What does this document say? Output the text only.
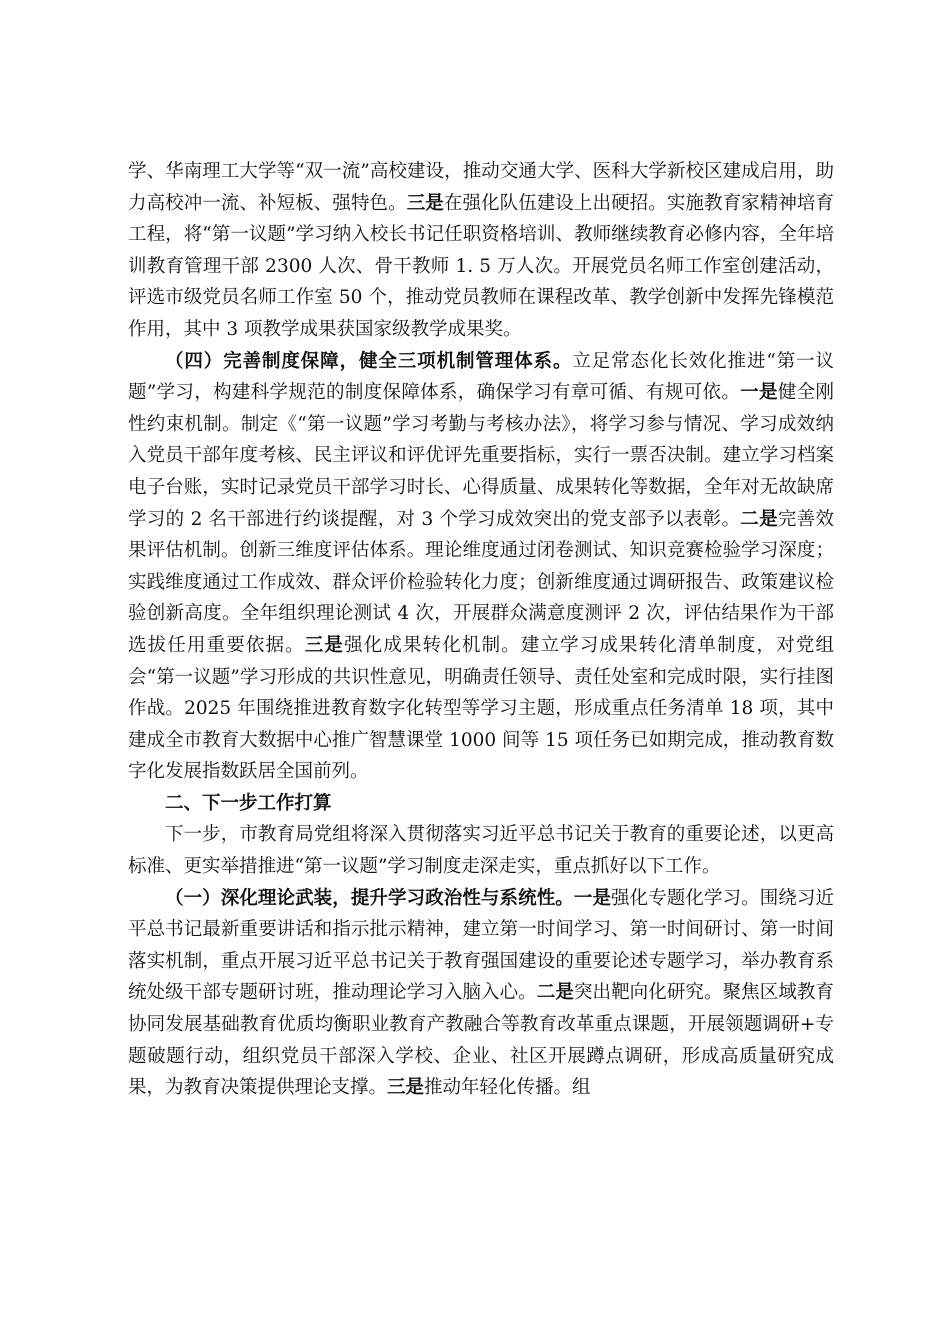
学、华南理工大学等“双一流”高校建设，推动交通大学、医科大学新校区建成启用，助力高校冲一流、补短板、强特色。三是在强化队伍建设上出硬招。实施教育家精神培育工程，将“第一议题”学习纳入校长书记任职资格培训、教师继续教育必修内容，全年培训教育管理干部 2300 人次、骨干教师 1. 5 万人次。开展党员名师工作室创建活动，评选市级党员名师工作室 50 个，推动党员教师在课程改革、教学创新中发挥先锋模范作用，其中 3 项教学成果获国家级教学成果奖。

（四）完善制度保障，健全三项机制管理体系。立足常态化长效化推进“第一议题”学习，构建科学规范的制度保障体系，确保学习有章可循、有规可依。一是健全刚性约束机制。制定《“第一议题”学习考勤与考核办法》，将学习参与情况、学习成效纳入党员干部年度考核、民主评议和评优评先重要指标，实行一票否决制。建立学习档案电子台账，实时记录党员干部学习时长、心得质量、成果转化等数据，全年对无故缺席学习的 2 名干部进行约谈提醒，对 3 个学习成效突出的党支部予以表彰。二是完善效果评估机制。创新三维度评估体系。理论维度通过闭卷测试、知识竞赛检验学习深度；实践维度通过工作成效、群众评价检验转化力度；创新维度通过调研报告、政策建议检验创新高度。全年组织理论测试 4 次，开展群众满意度测评 2 次，评估结果作为干部选拔任用重要依据。三是强化成果转化机制。建立学习成果转化清单制度，对党组会“第一议题”学习形成的共识性意见，明确责任领导、责任处室和完成时限，实行挂图作战。2025 年围绕推进教育数字化转型等学习主题，形成重点任务清单 18 项，其中建成全市教育大数据中心推广智慧课堂 1000 间等 15 项任务已如期完成，推动教育数字化发展指数跃居全国前列。

二、下一步工作打算

下一步，市教育局党组将深入贯彻落实习近平总书记关于教育的重要论述，以更高标准、更实举措推进“第一议题”学习制度走深走实，重点抓好以下工作。

（一）深化理论武装，提升学习政治性与系统性。一是强化专题化学习。围绕习近平总书记最新重要讲话和指示批示精神，建立第一时间学习、第一时间研讨、第一时间落实机制，重点开展习近平总书记关于教育强国建设的重要论述专题学习，举办教育系统处级干部专题研讨班，推动理论学习入脑入心。二是突出靶向化研究。聚焦区域教育协同发展基础教育优质均衡职业教育产教融合等教育改革重点课题，开展领题调研+专题破题行动，组织党员干部深入学校、企业、社区开展蹲点调研，形成高质量研究成果，为教育决策提供理论支撑。三是推动年轻化传播。组
